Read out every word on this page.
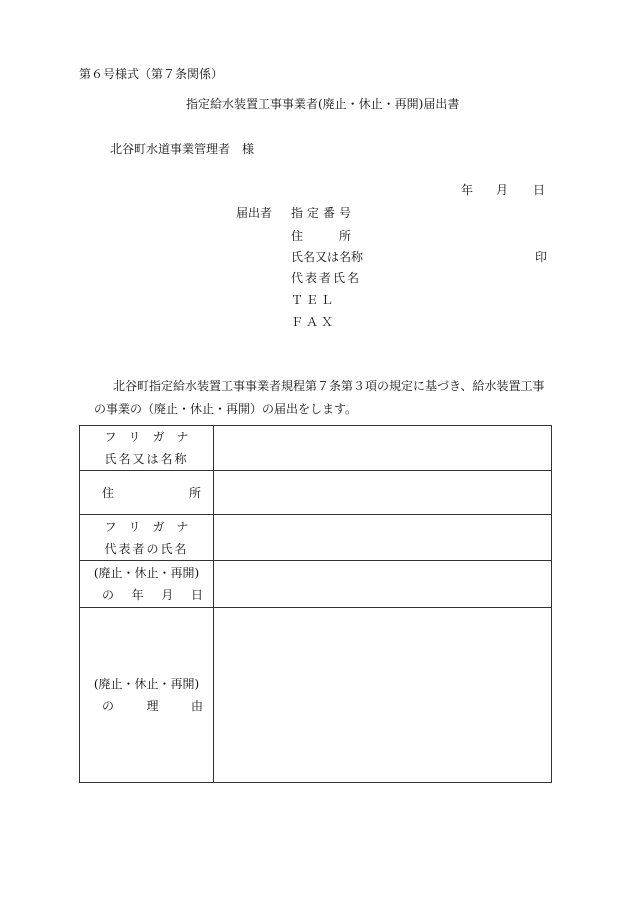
第６号様式（第７条関係）
指定給水装置工事事業者(廃止・休止・再開)届出書
北谷町水道事業管理者　様
年 月 日
届出者 指定番号
住　　　所
氏名又は名称
代表者氏名
ＴＥＬ
ＦＡＸ
印
北谷町指定給水装置工事事業者規程第７条第３項の規定に基づき、給水装置工事
の事業の（廃止・休止・再開）の届出をします。
フ　リ　ガ　ナ
氏名又は名称	

住 所	

フ　リ　ガ　ナ
代表者の氏名	

(廃止・休止・再開)
の 年 月 日	

(廃止・休止・再開)
の 理 由	
